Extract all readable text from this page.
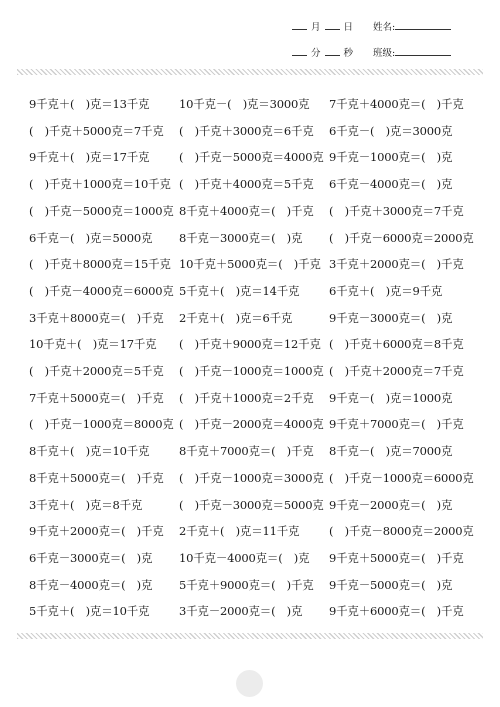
月 日 姓名:
分 秒 班级:
9千克＋(　)克＝13千克	10千克－(　)克＝3000克 7千克＋4000克＝(　)千克
(　)千克＋5000克＝7千克 (　)千克＋3000克＝6千克 6千克－(　)克＝3000克
9千克＋(　)克＝17千克	(　)千克－5000克＝4000克 9千克－1000克＝(　)克
(　)千克＋1000克＝10千克 (　)千克＋4000克＝5千克 6千克－4000克＝(　)克
(　)千克－5000克＝1000克 8千克＋4000克＝(　)千克 (　)千克＋3000克＝7千克
6千克－(　)克＝5000克 8千克－3000克＝(　)克 (　)千克－6000克＝2000克
(　)千克＋8000克＝15千克 10千克＋5000克＝(　)千克 3千克＋2000克＝(　)千克
(　)千克－4000克＝6000克 5千克＋(　)克＝14千克	6千克＋(　)克＝9千克
3千克＋8000克＝(　)千克 2千克＋(　)克＝6千克	9千克－3000克＝(　)克
10千克＋(　)克＝17千克 (　)千克＋9000克＝12千克 (　)千克＋6000克＝8千克
(　)千克＋2000克＝5千克 (　)千克－1000克＝1000克 (　)千克＋2000克＝7千克
7千克＋5000克＝(　)千克 (　)千克＋1000克＝2千克 9千克－(　)克＝1000克
(　)千克－1000克＝8000克 (　)千克－2000克＝4000克 9千克＋7000克＝(　)千克
8千克＋(　)克＝10千克	8千克＋7000克＝(　)千克 8千克－(　)克＝7000克
8千克＋5000克＝(　)千克 (　)千克－1000克＝3000克 (　)千克－1000克＝6000克
3千克＋(　)克＝8千克	(　)千克－3000克＝5000克 9千克－2000克＝(　)克
9千克＋2000克＝(　)千克 2千克＋(　)克＝11千克	(　)千克－8000克＝2000克
6千克－3000克＝(　)克 10千克－4000克＝(　)克 9千克＋5000克＝(　)千克
8千克－4000克＝(　)克 5千克＋9000克＝(　)千克 9千克－5000克＝(　)克
5千克＋(　)克＝10千克	3千克－2000克＝(　)克 9千克＋6000克＝(　)千克
